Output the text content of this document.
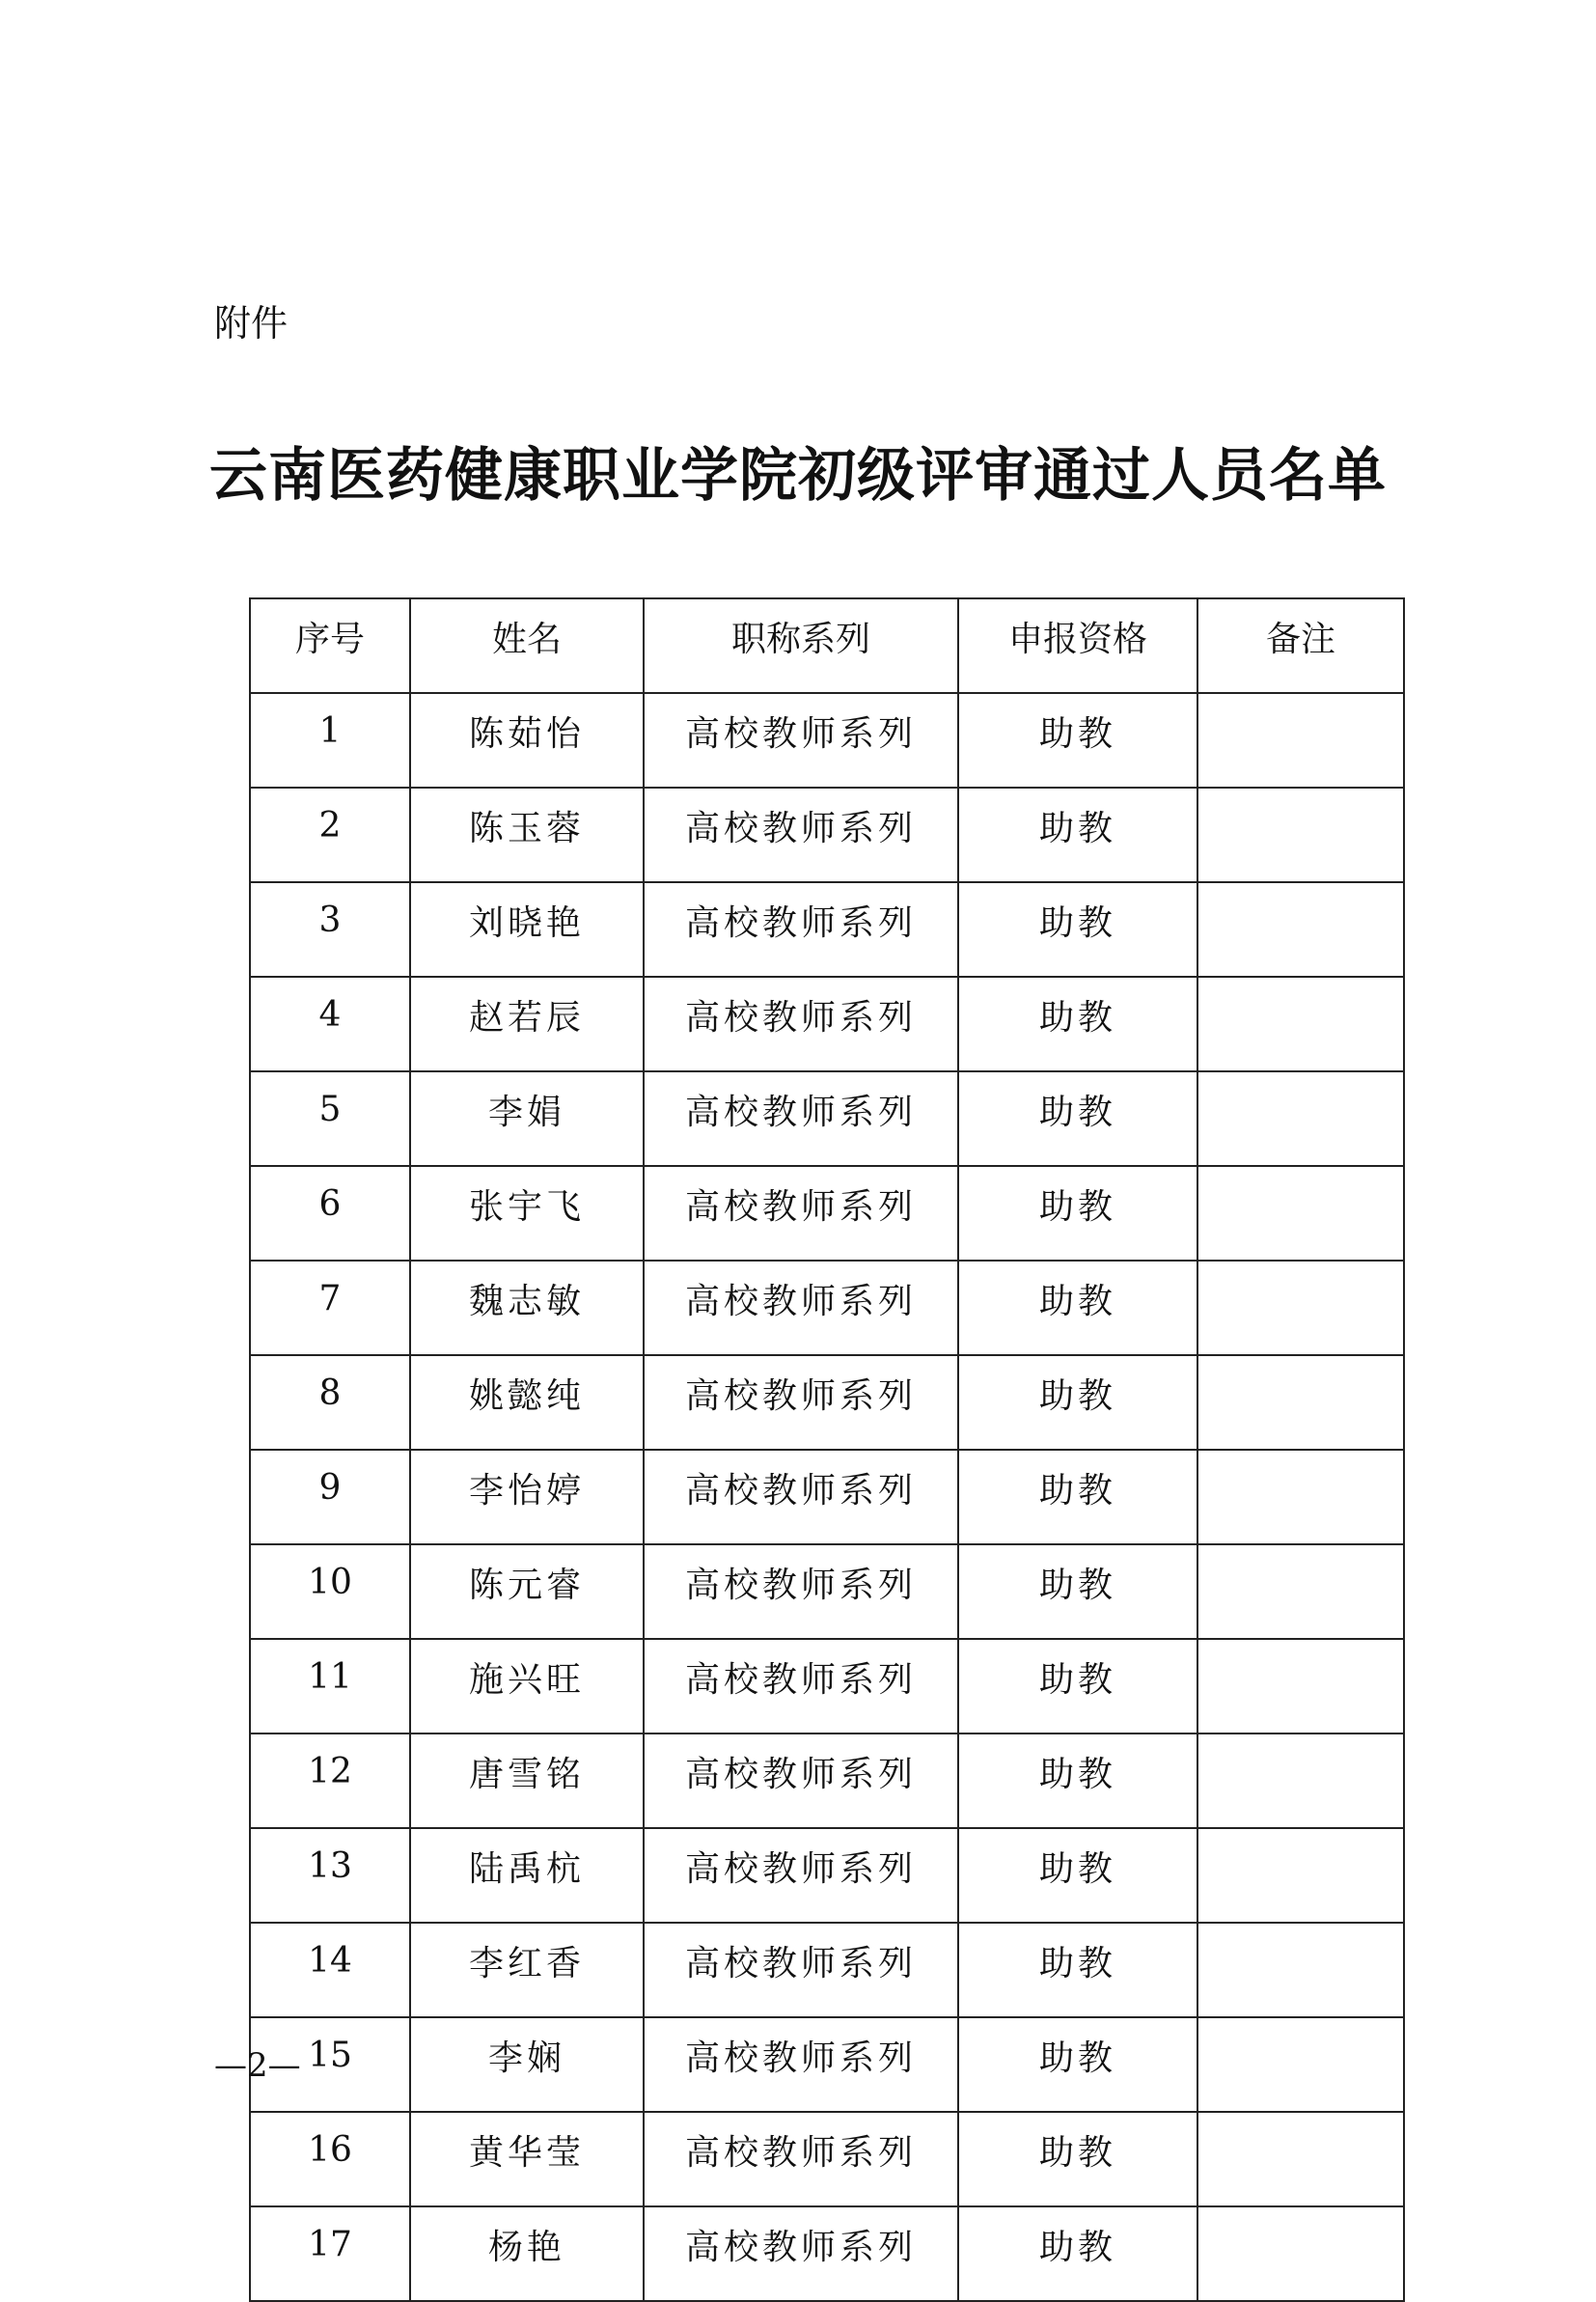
附件
云南医药健康职业学院初级评审通过人员名单
序号	姓名	职称系列	申报资格	备注
1	陈茹怡	高校教师系列	助教	
2	陈玉蓉	高校教师系列	助教	
3	刘晓艳	高校教师系列	助教	
4	赵若辰	高校教师系列	助教	
5	李娟	高校教师系列	助教	
6	张宇飞	高校教师系列	助教	
7	魏志敏	高校教师系列	助教	
8	姚懿纯	高校教师系列	助教	
9	李怡婷	高校教师系列	助教	
10	陈元睿	高校教师系列	助教	
11	施兴旺	高校教师系列	助教	
12	唐雪铭	高校教师系列	助教	
13	陆禹杭	高校教师系列	助教	
14	李红香	高校教师系列	助教	
15	李娴	高校教师系列	助教	
16	黄华莹	高校教师系列	助教	
17	杨艳	高校教师系列	助教	
—2—
